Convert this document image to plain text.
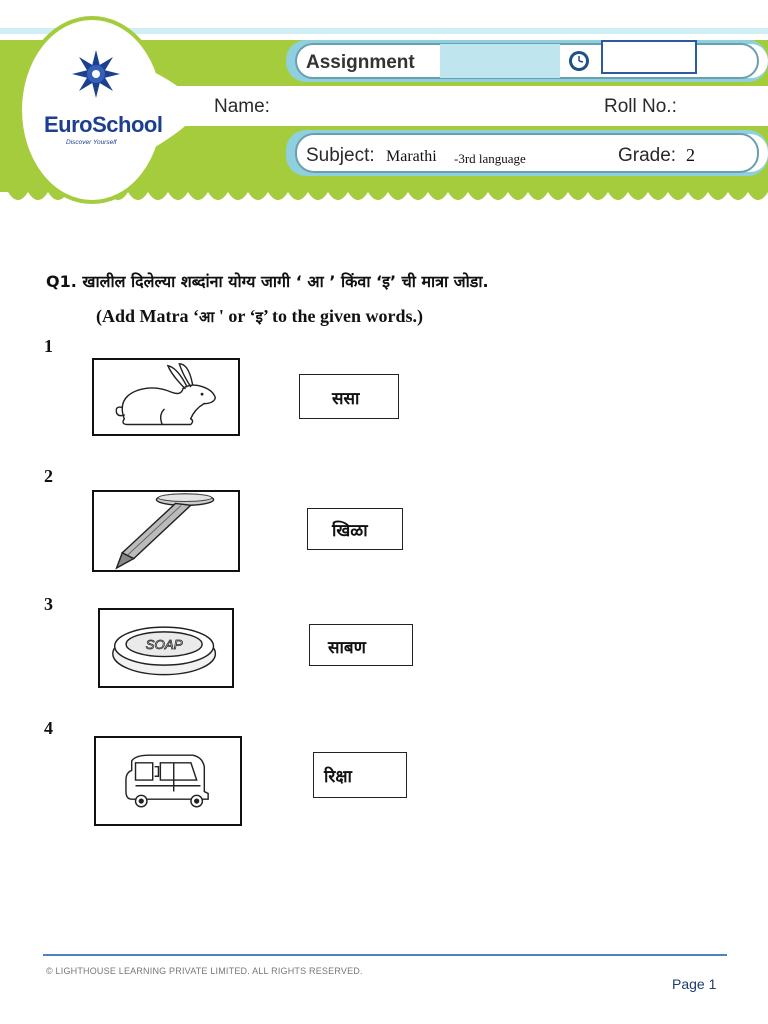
EuroSchool
Discover Yourself
Assignment
Name:	Roll No.:
Subject: Marathi -3rd language	Grade: 2
Q1. खालील दिलेल्या शब्दांना योग्य जागी ‘ आ ’ किंवा ‘इ’ ची मात्रा जोडा.
(Add Matra ‘आ ' or ‘इ’ to the given words.)
1
ससा
2
खिळा
3
SOAP	साबण
4
रिक्षा
© LIGHTHOUSE LEARNING PRIVATE LIMITED. ALL RIGHTS RESERVED.
Page 1
